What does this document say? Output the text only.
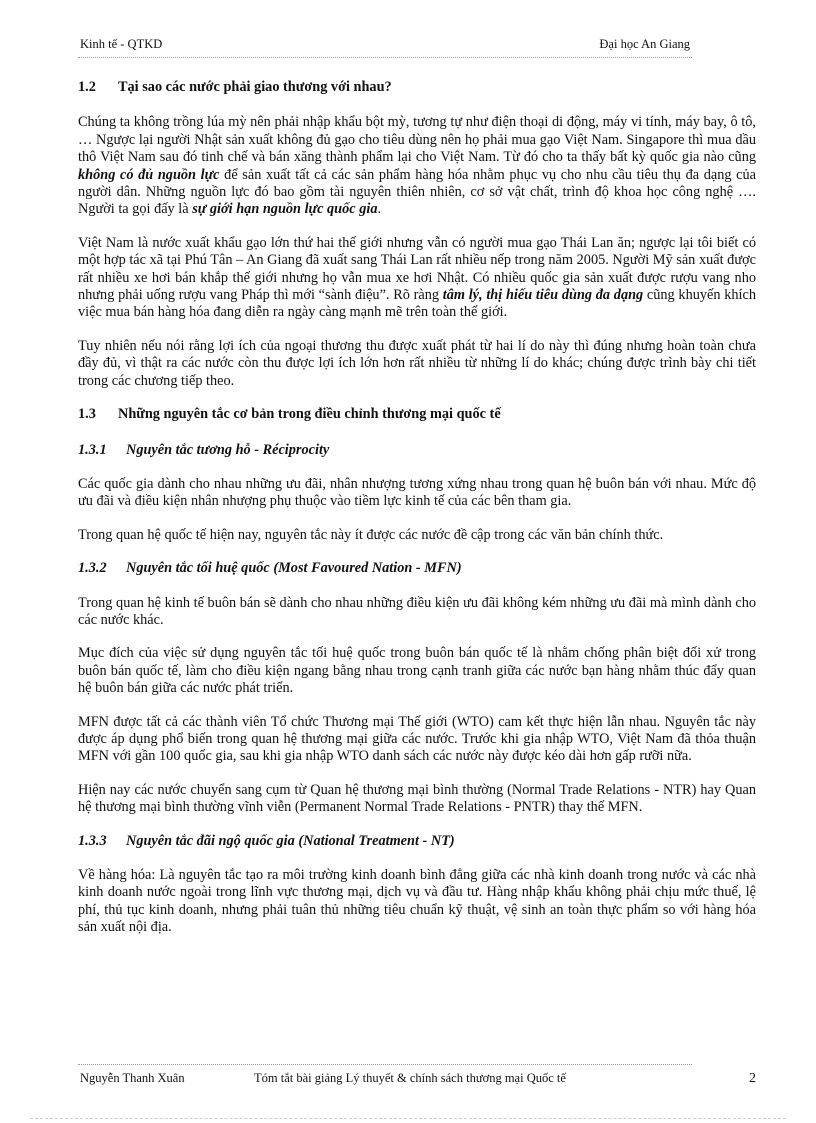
Kinh tế - QTKD	Đại học An Giang
1.2 Tại sao các nước phải giao thương với nhau?

Chúng ta không trồng lúa mỳ nên phải nhập khẩu bột mỳ, tương tự như điện thoại di động, máy vi tính, máy bay, ô tô, … Ngược lại người Nhật sản xuất không đủ gạo cho tiêu dùng nên họ phải mua gạo Việt Nam. Singapore thì mua dầu thô Việt Nam sau đó tinh chế và bán xăng thành phẩm lại cho Việt Nam. Từ đó cho ta thấy bất kỳ quốc gia nào cũng không có đủ nguồn lực để sản xuất tất cả các sản phẩm hàng hóa nhằm phục vụ cho nhu cầu tiêu thụ đa dạng của người dân. Những nguồn lực đó bao gồm tài nguyên thiên nhiên, cơ sở vật chất, trình độ khoa học công nghệ …. Người ta gọi đấy là sự giới hạn nguồn lực quốc gia.

Việt Nam là nước xuất khẩu gạo lớn thứ hai thế giới nhưng vẫn có người mua gạo Thái Lan ăn; ngược lại tôi biết có một hợp tác xã tại Phú Tân – An Giang đã xuất sang Thái Lan rất nhiều nếp trong năm 2005. Người Mỹ sản xuất được rất nhiều xe hơi bán khắp thế giới nhưng họ vẫn mua xe hơi Nhật. Có nhiều quốc gia sản xuất được rượu vang nho nhưng phải uống rượu vang Pháp thì mới “sành điệu”. Rõ ràng tâm lý, thị hiếu tiêu dùng đa dạng cũng khuyến khích việc mua bán hàng hóa đang diễn ra ngày càng mạnh mẽ trên toàn thế giới.

Tuy nhiên nếu nói rằng lợi ích của ngoại thương thu được xuất phát từ hai lí do này thì đúng nhưng hoàn toàn chưa đầy đủ, vì thật ra các nước còn thu được lợi ích lớn hơn rất nhiều từ những lí do khác; chúng được trình bày chi tiết trong các chương tiếp theo.

1.3 Những nguyên tắc cơ bản trong điều chỉnh thương mại quốc tế
1.3.1 Nguyên tắc tương hỗ - Réciprocity

Các quốc gia dành cho nhau những ưu đãi, nhân nhượng tương xứng nhau trong quan hệ buôn bán với nhau. Mức độ ưu đãi và điều kiện nhân nhượng phụ thuộc vào tiềm lực kinh tế của các bên tham gia.

Trong quan hệ quốc tế hiện nay, nguyên tắc này ít được các nước đề cập trong các văn bản chính thức.

1.3.2 Nguyên tắc tối huệ quốc (Most Favoured Nation - MFN)

Trong quan hệ kinh tế buôn bán sẽ dành cho nhau những điều kiện ưu đãi không kém những ưu đãi mà mình dành cho các nước khác.

Mục đích của việc sử dụng nguyên tắc tối huệ quốc trong buôn bán quốc tế là nhằm chống phân biệt đối xử trong buôn bán quốc tế, làm cho điều kiện ngang bằng nhau trong cạnh tranh giữa các nước bạn hàng nhằm thúc đẩy quan hệ buôn bán giữa các nước phát triển.

MFN được tất cả các thành viên Tổ chức Thương mại Thế giới (WTO) cam kết thực hiện lẫn nhau. Nguyên tắc này được áp dụng phổ biến trong quan hệ thương mại giữa các nước. Trước khi gia nhập WTO, Việt Nam đã thỏa thuận MFN với gần 100 quốc gia, sau khi gia nhập WTO danh sách các nước này được kéo dài hơn gấp rưỡi nữa.

Hiện nay các nước chuyển sang cụm từ Quan hệ thương mại bình thường (Normal Trade Relations - NTR) hay Quan hệ thương mại bình thường vĩnh viễn (Permanent Normal Trade Relations - PNTR) thay thế MFN.

1.3.3 Nguyên tắc đãi ngộ quốc gia (National Treatment - NT)

Về hàng hóa: Là nguyên tắc tạo ra môi trường kinh doanh bình đẳng giữa các nhà kinh doanh trong nước và các nhà kinh doanh nước ngoài trong lĩnh vực thương mại, dịch vụ và đầu tư. Hàng nhập khẩu không phải chịu mức thuế, lệ phí, thủ tục kinh doanh, nhưng phải tuân thủ những tiêu chuẩn kỹ thuật, vệ sinh an toàn thực phẩm so với hàng hóa sản xuất nội địa.

Nguyễn Thanh Xuân	Tóm tắt bài giảng Lý thuyết & chính sách thương mại Quốc tế	2
